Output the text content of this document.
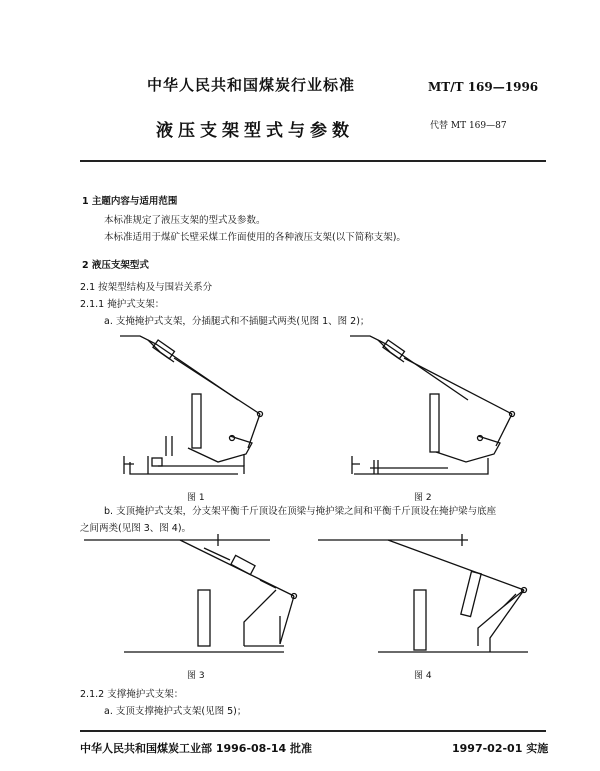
中华人民共和国煤炭行业标准	MT/T 169—1996
液压支架型式与参数	代替 MT 169—87
1 主题内容与适用范围
本标准规定了液压支架的型式及参数。
本标准适用于煤矿长壁采煤工作面使用的各种液压支架(以下简称支架)。
2 液压支架型式
2.1 按架型结构及与围岩关系分
2.1.1 掩护式支架：
a. 支掩掩护式支架，分插腿式和不插腿式两类(见图 1、图 2)；
图 1	图 2
b. 支顶掩护式支架，分支架平衡千斤顶设在顶梁与掩护梁之间和平衡千斤顶设在掩护梁与底座
之间两类(见图 3、图 4)。
图 3	图 4
2.1.2 支撑掩护式支架：
a. 支顶支撑掩护式支架(见图 5)；
中华人民共和国煤炭工业部 1996-08-14 批准	1997-02-01 实施
